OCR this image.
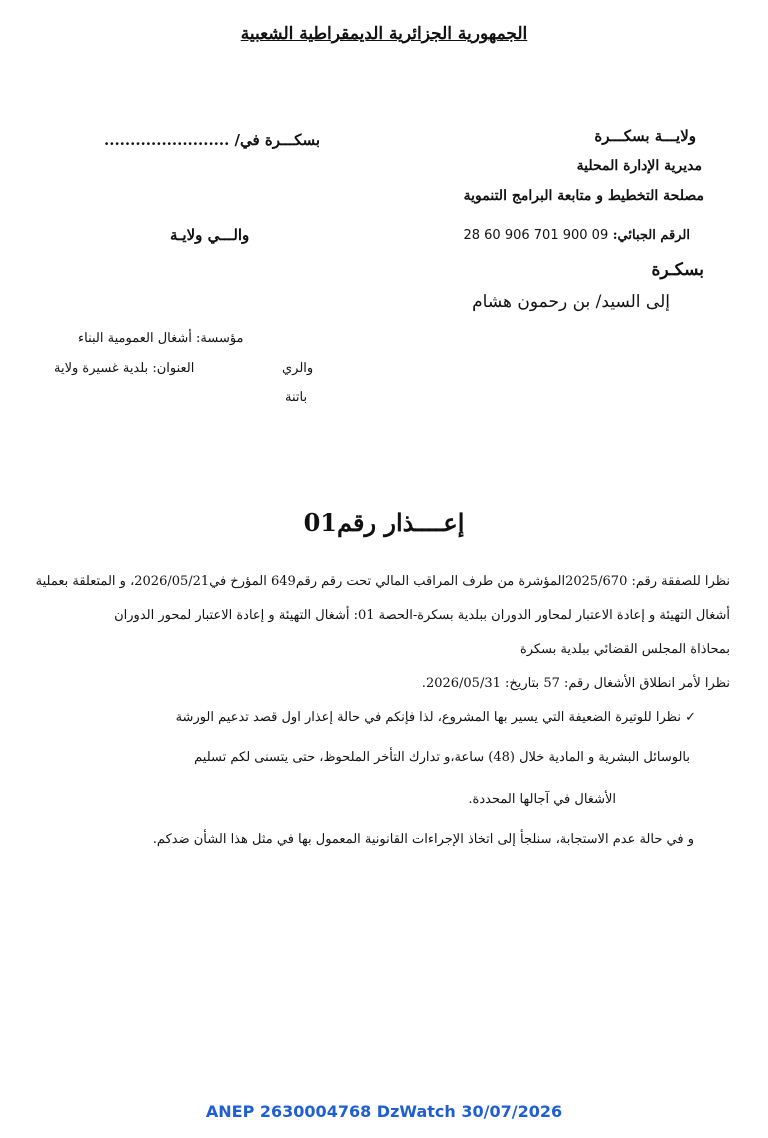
الجمهورية الجزائرية الديمقراطية الشعبية
ولايـــة بسكـــرة
مديرية الإدارة المحلية
مصلحة التخطيط و متابعة البرامج التنموية
الرقم الجبائي: 28 60 906 701 900 09
بسكـرة
بسكـــرة في/ ........................
والـــي ولايـة
إلى السيد/ بن رحمون هشام
مؤسسة: أشغال العمومية البناء
والري
العنوان: بلدية غسيرة ولاية
باتنة
إعــــذار رقم01
نظرا للصفقة رقم: 2025/670المؤشرة من طرف المراقب المالي تحت رقم رقم649 المؤرخ في2026/05/21، و المتعلقة بعملية
أشغال التهيئة و إعادة الاعتبار لمحاور الدوران ببلدية بسكرة-الحصة 01: أشغال التهيئة و إعادة الاعتبار لمحور الدوران
بمحاذاة المجلس القضائي ببلدية بسكرة
نظرا لأمر انطلاق الأشغال رقم: 57 بتاريخ: 2026/05/31.
✓ نظرا للوتيرة الضعيفة التي يسير بها المشروع، لذا فإنكم في حالة إعذار اول قصد تدعيم الورشة
بالوسائل البشرية و المادية خلال (48) ساعة،و تدارك التأخر الملحوظ، حتى يتسنى لكم تسليم
الأشغال في آجالها المحددة.
و في حالة عدم الاستجابة، سنلجأ إلى اتخاذ الإجراءات القانونية المعمول بها في مثل هذا الشأن ضدكم.
ANEP 2630004768 DzWatch 30/07/2026
